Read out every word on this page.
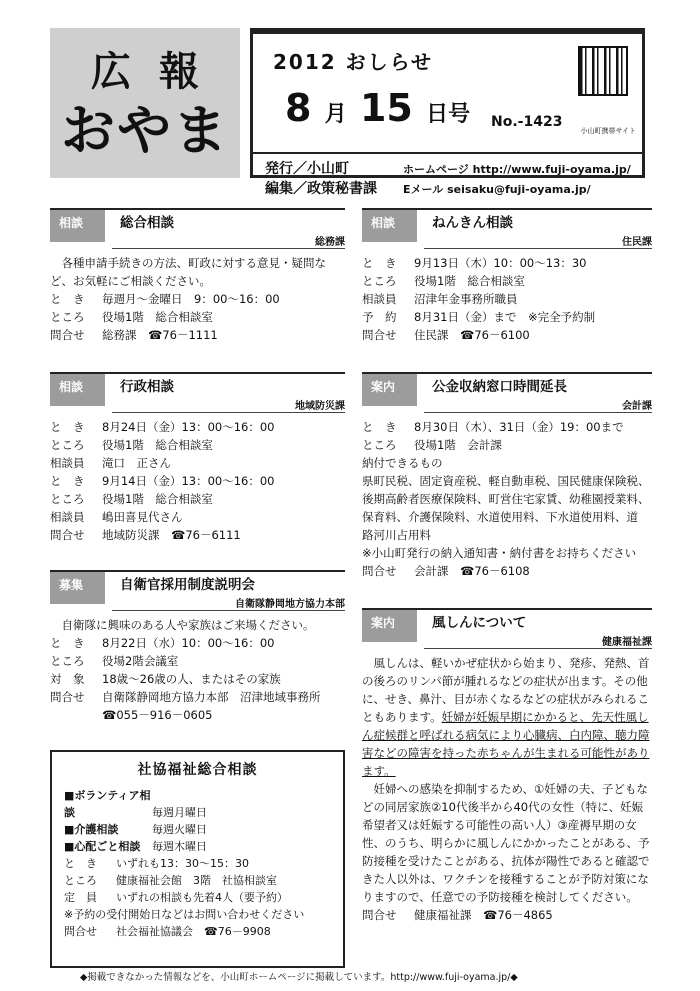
広報
おやま
2012 おしらせ
8 月 15 日号 No.-1423
小山町携帯サイト
発行／小山町
編集／政策秘書課
ホームページ http://www.fuji-oyama.jp/
Eメール seisaku@fuji-oyama.jp/
相談	総合相談
総務課
各種申請手続きの方法、町政に対する意見・疑問など、お気軽にご相談ください。
と　き 毎週月～金曜日　9：00～16：00
ところ 役場1階　総合相談室
問合せ 総務課　☎76－1111
相談	行政相談
地域防災課
と　き 8月24日（金）13：00～16：00
ところ 役場1階　総合相談室
相談員 滝口　正さん
と　き 9月14日（金）13：00～16：00
ところ 役場1階　総合相談室
相談員 嶋田喜見代さん
問合せ 地域防災課　☎76－6111
募集	自衛官採用制度説明会
自衛隊静岡地方協力本部
自衛隊に興味のある人や家族はご来場ください。
と　き 8月22日（水）10：00～16：00
ところ 役場2階会議室
対　象 18歳～26歳の人、またはその家族
問合せ 自衛隊静岡地方協力本部　沼津地域事務所
☎055－916－0605
社協福祉総合相談
■ボランティア相談	毎週月曜日
■介護相談	毎週火曜日
■心配ごと相談 毎週木曜日
と　き いずれも13：30～15：30
ところ 健康福祉会館　3階　社協相談室
定　員 いずれの相談も先着4人（要予約）
※予約の受付開始日などはお問い合わせください
問合せ 社会福祉協議会　☎76－9908
相談	ねんきん相談
住民課
と　き 9月13日（木）10：00～13：30
ところ 役場1階　総合相談室
相談員 沼津年金事務所職員
予　約 8月31日（金）まで　※完全予約制
問合せ 住民課　☎76－6100
案内	公金収納窓口時間延長
会計課
と　き 8月30日（木）、31日（金）19：00まで
ところ 役場1階　会計課
納付できるもの
県町民税、固定資産税、軽自動車税、国民健康保険税、
後期高齢者医療保険料、町営住宅家賃、幼稚園授業料、
保育料、介護保険料、水道使用料、下水道使用料、道
路河川占用料
※小山町発行の納入通知書・納付書をお持ちください
問合せ 会計課　☎76－6108
案内	風しんについて
健康福祉課
風しんは、軽いかぜ症状から始まり、発疹、発熱、首の後ろのリンパ節が腫れるなどの症状が出ます。その他に、せき、鼻汁、目が赤くなるなどの症状がみられることもあります。妊婦が妊娠早期にかかると、先天性風しん症候群と呼ばれる病気により心臓病、白内障、聴力障害などの障害を持った赤ちゃんが生まれる可能性があります。
妊婦への感染を抑制するため、①妊婦の夫、子どもなどの同居家族②10代後半から40代の女性（特に、妊娠希望者又は妊娠する可能性の高い人）③産褥早期の女性、のうち、明らかに風しんにかかったことがある、予防接種を受けたことがある、抗体が陽性であると確認できた人以外は、ワクチンを接種することが予防対策になりますので、任意での予防接種を検討してください。
問合せ 健康福祉課　☎76－4865
◆掲載できなかった情報などを、小山町ホームページに掲載しています。http://www.fuji-oyama.jp/◆
